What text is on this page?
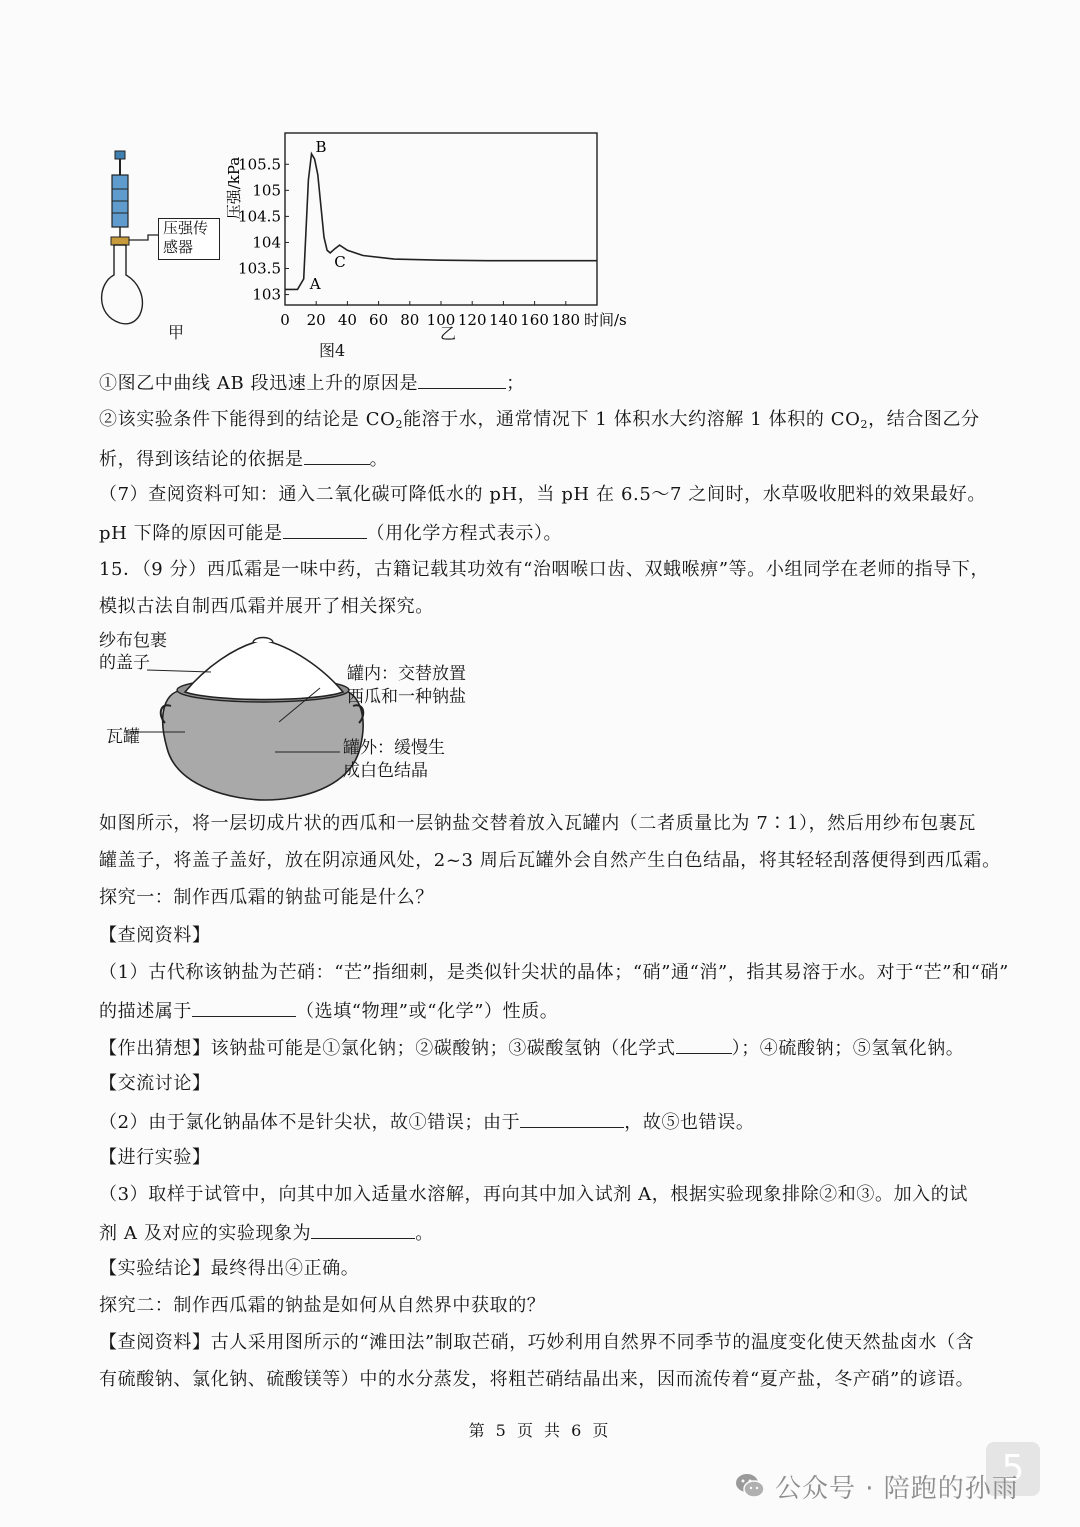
压强传
感器
甲
105.5
105
104.5
104
103.5
103
0 20 40 60 80 100 120 140 160 180
A
B
C
压强/kPa
时间/s
乙
图4
①图乙中曲线 AB 段迅速上升的原因是	；
②该实验条件下能得到的结论是 $CO_2$能溶于水，通常情况下 1 体积水大约溶解 1 体积的 $CO_2$，结合图乙分
析，得到该结论的依据是	。
（7）查阅资料可知：通入二氧化碳可降低水的 pH，当 pH 在 6.5～7 之间时，水草吸收肥料的效果最好。
pH 下降的原因可能是	（用化学方程式表示）。
15．（9 分）西瓜霜是一味中药，古籍记载其功效有“治咽喉口齿、双蛾喉痹”等。小组同学在老师的指导下，
模拟古法自制西瓜霜并展开了相关探究。
纱布包裹
的盖子
瓦罐
罐内：交替放置
西瓜和一种钠盐
罐外：缓慢生
成白色结晶
如图所示，将一层切成片状的西瓜和一层钠盐交替着放入瓦罐内（二者质量比为 7∶1），然后用纱布包裹瓦
罐盖子，将盖子盖好，放在阴凉通风处，2~3 周后瓦罐外会自然产生白色结晶，将其轻轻刮落便得到西瓜霜。
探究一：制作西瓜霜的钠盐可能是什么？
【查阅资料】
（1）古代称该钠盐为芒硝：“芒”指细刺，是类似针尖状的晶体；“硝”通“消”，指其易溶于水。对于“芒”和“硝”
的描述属于	（选填“物理”或“化学”）性质。
【作出猜想】该钠盐可能是①氯化钠；②碳酸钠；③碳酸氢钠（化学式	）；④硫酸钠；⑤氢氧化钠。
【交流讨论】
（2）由于氯化钠晶体不是针尖状，故①错误；由于	，故⑤也错误。
【进行实验】
（3）取样于试管中，向其中加入适量水溶解，再向其中加入试剂 A，根据实验现象排除②和③。加入的试
剂 A 及对应的实验现象为	。
【实验结论】最终得出④正确。
探究二：制作西瓜霜的钠盐是如何从自然界中获取的？
【查阅资料】古人采用图所示的“滩田法”制取芒硝，巧妙利用自然界不同季节的温度变化使天然盐卤水（含
有硫酸钠、氯化钠、硫酸镁等）中的水分蒸发，将粗芒硝结晶出来，因而流传着“夏产盐，冬产硝”的谚语。
第 5 页 共 6 页
5
公众号 · 陪跑的孙雨
